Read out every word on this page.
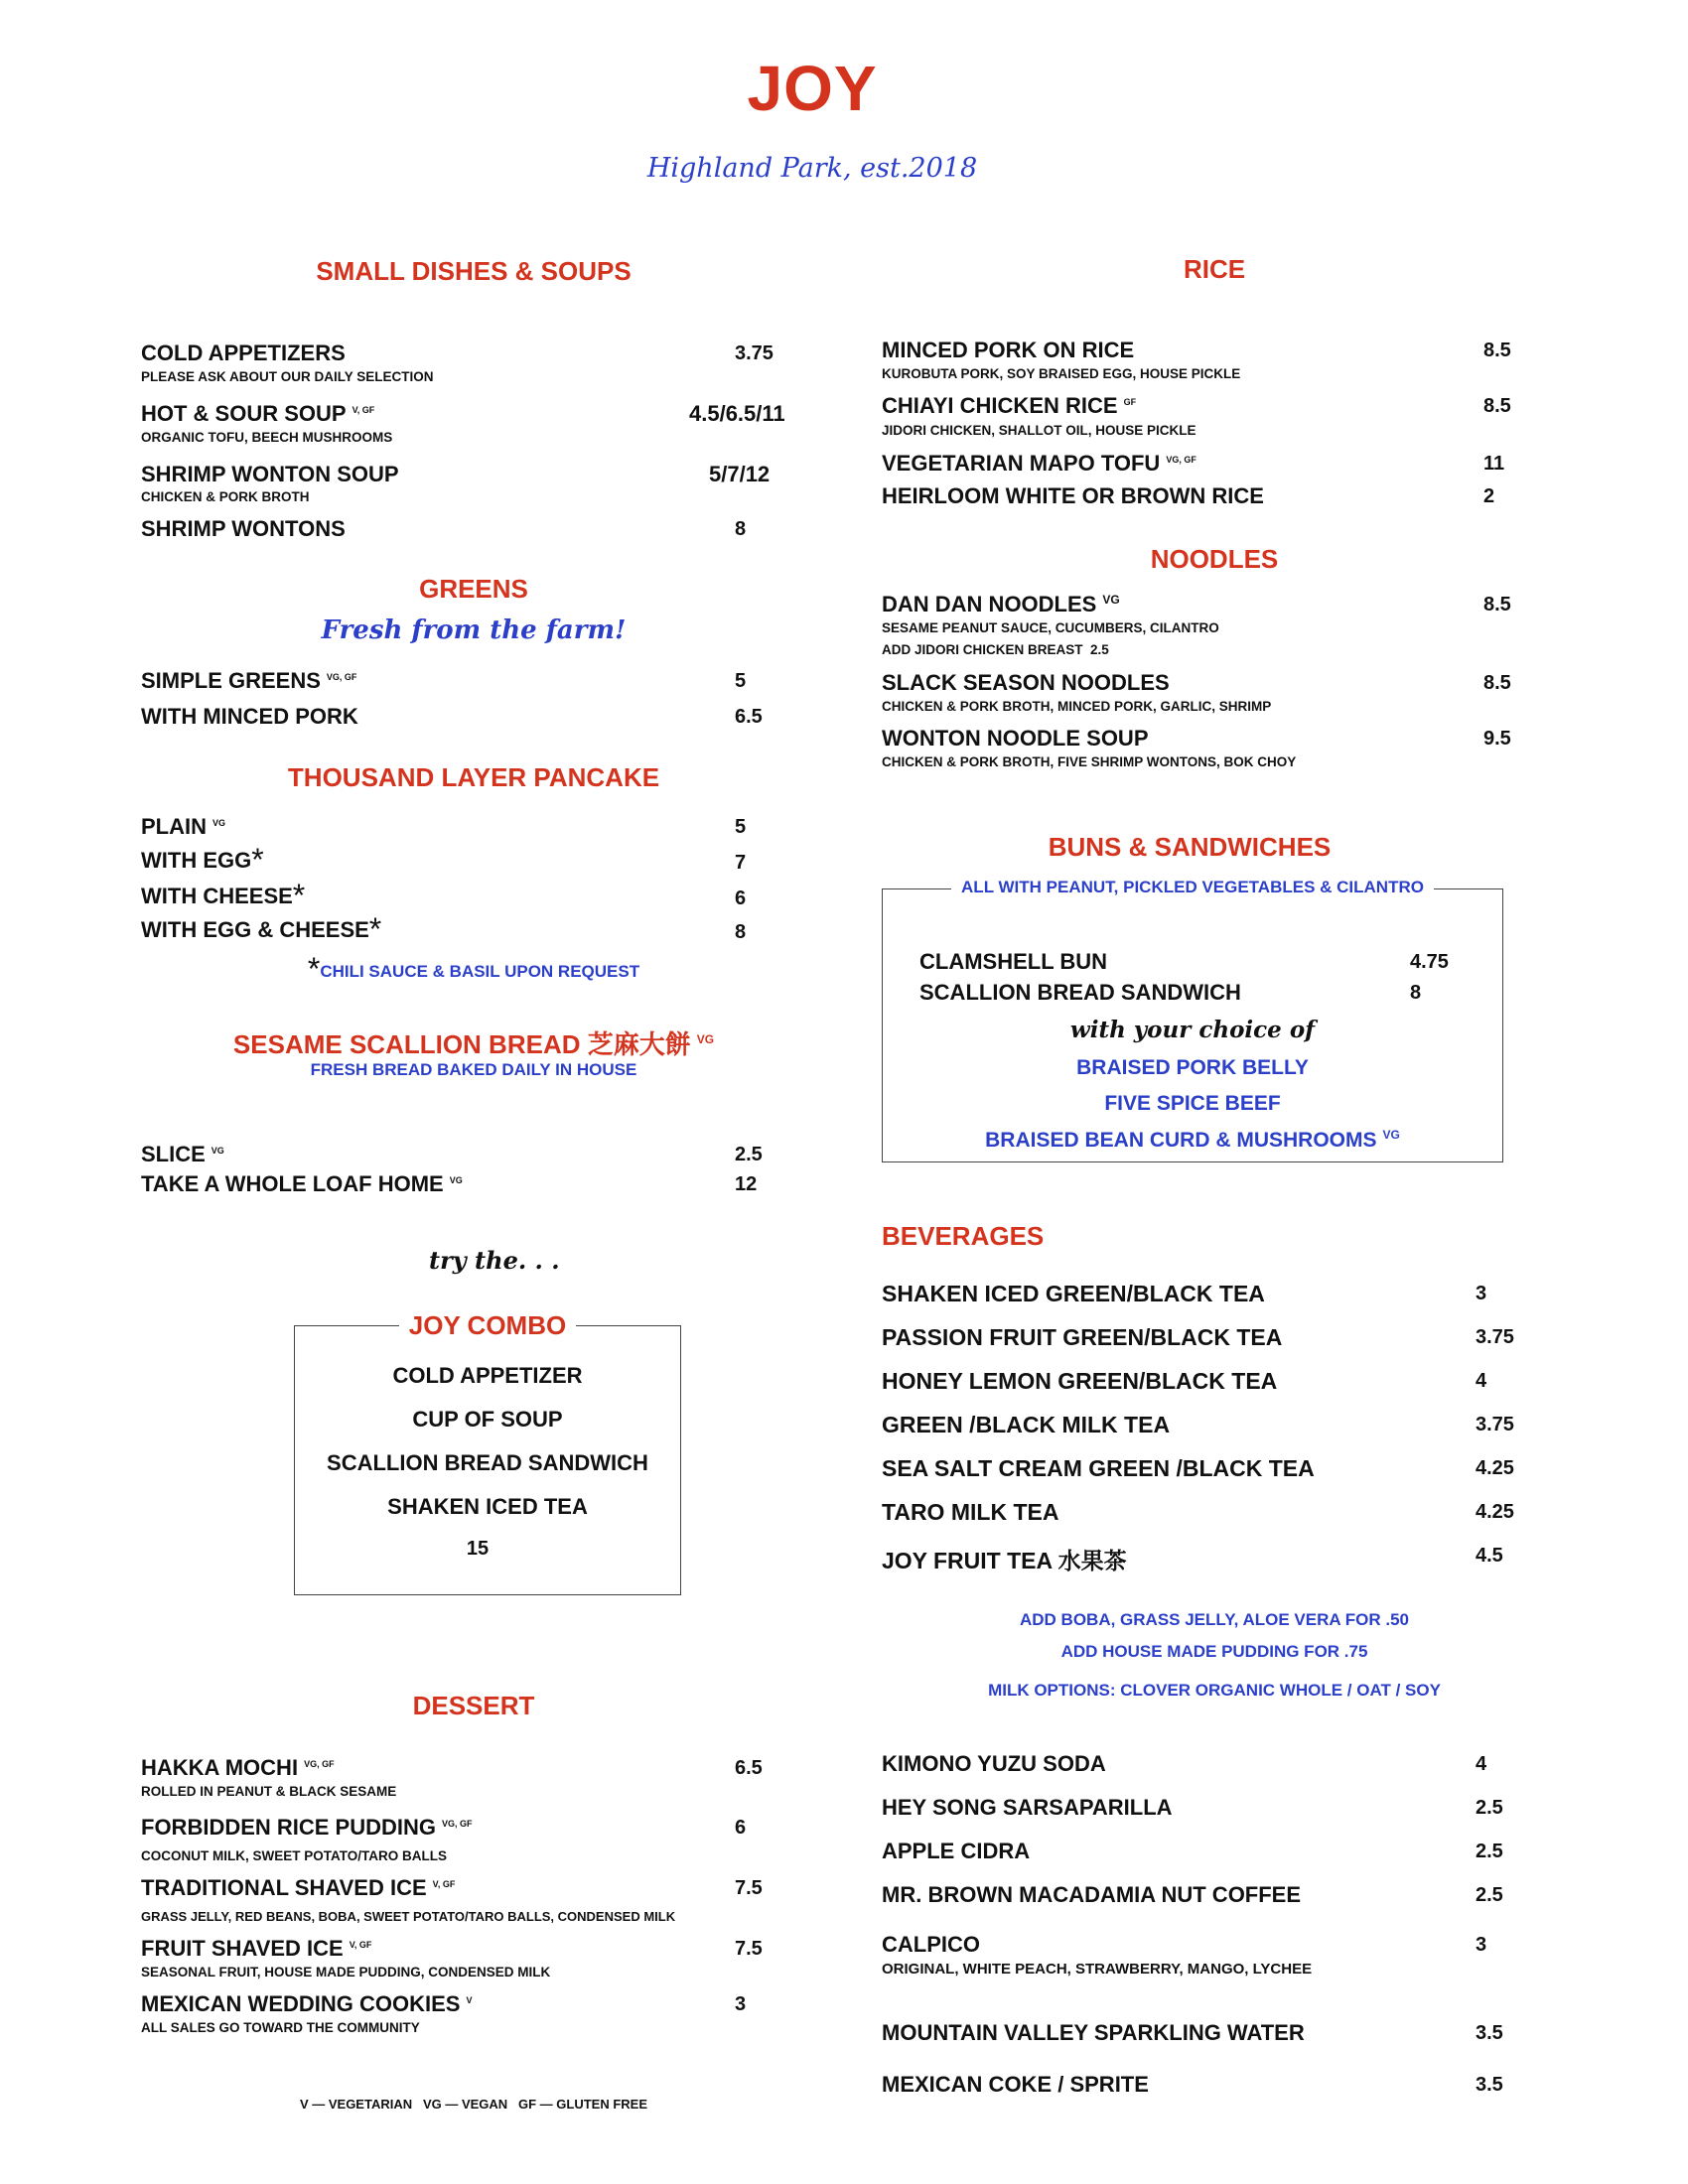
JOY
Highland Park, est.2018
SMALL DISHES & SOUPS
COLD APPETIZERS	3.75
PLEASE ASK ABOUT OUR DAILY SELECTION
HOT & SOUR SOUP $^{V, GF}$	4.5/6.5/11
ORGANIC TOFU, BEECH MUSHROOMS
SHRIMP WONTON SOUP	5/7/12
CHICKEN & PORK BROTH
SHRIMP WONTONS	8
GREENS
Fresh from the farm!
SIMPLE GREENS $^{VG, GF}$	5
WITH MINCED PORK	6.5
THOUSAND LAYER PANCAKE
PLAIN $^{VG}$	5
WITH EGG*	7
WITH CHEESE*	6
WITH EGG & CHEESE*	8
*CHILI SAUCE & BASIL UPON REQUEST
SESAME SCALLION BREAD 芝麻大餅 $^{VG}$
FRESH BREAD BAKED DAILY IN HOUSE
SLICE $^{VG}$	2.5
TAKE A WHOLE LOAF HOME $^{VG}$	12
try the. . .
JOY COMBO
COLD APPETIZER
CUP OF SOUP
SCALLION BREAD SANDWICH
SHAKEN ICED TEA
15
DESSERT
HAKKA MOCHI $^{VG, GF}$	6.5
ROLLED IN PEANUT & BLACK SESAME
FORBIDDEN RICE PUDDING $^{VG, GF}$	6
COCONUT MILK, SWEET POTATO/TARO BALLS
TRADITIONAL SHAVED ICE $^{V, GF}$	7.5
GRASS JELLY, RED BEANS, BOBA, SWEET POTATO/TARO BALLS, CONDENSED MILK
FRUIT SHAVED ICE $^{V, GF}$	7.5
SEASONAL FRUIT, HOUSE MADE PUDDING, CONDENSED MILK
MEXICAN WEDDING COOKIES $^V$	3
ALL SALES GO TOWARD THE COMMUNITY
V — VEGETARIAN   VG — VEGAN   GF — GLUTEN FREE
RICE
MINCED PORK ON RICE	8.5
KUROBUTA PORK, SOY BRAISED EGG, HOUSE PICKLE
CHIAYI CHICKEN RICE $^{GF}$	8.5
JIDORI CHICKEN, SHALLOT OIL, HOUSE PICKLE
VEGETARIAN MAPO TOFU $^{VG, GF}$	11
HEIRLOOM WHITE OR BROWN RICE	2
NOODLES
DAN DAN NOODLES $^{VG}$	8.5
SESAME PEANUT SAUCE, CUCUMBERS, CILANTRO
ADD JIDORI CHICKEN BREAST  2.5
SLACK SEASON NOODLES	8.5
CHICKEN & PORK BROTH, MINCED PORK, GARLIC, SHRIMP
WONTON NOODLE SOUP	9.5
CHICKEN & PORK BROTH, FIVE SHRIMP WONTONS, BOK CHOY
BUNS & SANDWICHES
ALL WITH PEANUT, PICKLED VEGETABLES & CILANTRO
CLAMSHELL BUN	4.75
SCALLION BREAD SANDWICH	8
with your choice of
BRAISED PORK BELLY
FIVE SPICE BEEF
BRAISED BEAN CURD & MUSHROOMS $^{VG}$
BEVERAGES
SHAKEN ICED GREEN/BLACK TEA	3
PASSION FRUIT GREEN/BLACK TEA	3.75
HONEY LEMON GREEN/BLACK TEA	4
GREEN /BLACK MILK TEA	3.75
SEA SALT CREAM GREEN /BLACK TEA	4.25
TARO MILK TEA	4.25
JOY FRUIT TEA 水果茶	4.5
ADD BOBA, GRASS JELLY, ALOE VERA FOR .50
ADD HOUSE MADE PUDDING FOR .75
MILK OPTIONS: CLOVER ORGANIC WHOLE / OAT / SOY
KIMONO YUZU SODA	4
HEY SONG SARSAPARILLA	2.5
APPLE CIDRA	2.5
MR. BROWN MACADAMIA NUT COFFEE	2.5
CALPICO	3
ORIGINAL, WHITE PEACH, STRAWBERRY, MANGO, LYCHEE
MOUNTAIN VALLEY SPARKLING WATER	3.5
MEXICAN COKE / SPRITE	3.5
